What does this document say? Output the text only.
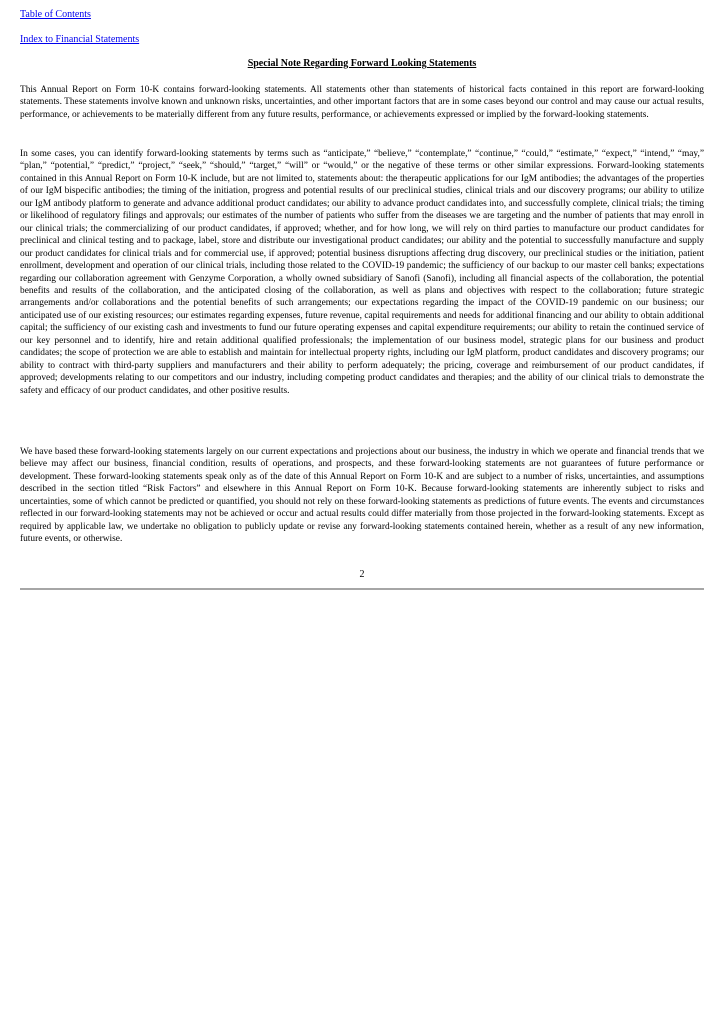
Table of Contents
Index to Financial Statements
Special Note Regarding Forward Looking Statements

This Annual Report on Form 10-K contains forward-looking statements. All statements other than statements of historical facts contained in this report are forward-looking statements. These statements involve known and unknown risks, uncertainties, and other important factors that are in some cases beyond our control and may cause our actual results, performance, or achievements to be materially different from any future results, performance, or achievements expressed or implied by the forward-looking statements.

In some cases, you can identify forward-looking statements by terms such as “anticipate,” “believe,” “contemplate,” “continue,” “could,” “estimate,” “expect,” “intend,” “may,” “plan,” “potential,” “predict,” “project,” “seek,” “should,” “target,” “will” or “would,” or the negative of these terms or other similar expressions. Forward-looking statements contained in this Annual Report on Form 10-K include, but are not limited to, statements about: the therapeutic applications for our IgM antibodies; the advantages of the properties of our IgM bispecific antibodies; the timing of the initiation, progress and potential results of our preclinical studies, clinical trials and our discovery programs; our ability to utilize our IgM antibody platform to generate and advance additional product candidates; our ability to advance product candidates into, and successfully complete, clinical trials; the timing or likelihood of regulatory filings and approvals; our estimates of the number of patients who suffer from the diseases we are targeting and the number of patients that may enroll in our clinical trials; the commercializing of our product candidates, if approved; whether, and for how long, we will rely on third parties to manufacture our product candidates for preclinical and clinical testing and to package, label, store and distribute our investigational product candidates; our ability and the potential to successfully manufacture and supply our product candidates for clinical trials and for commercial use, if approved; potential business disruptions affecting drug discovery, our preclinical studies or the initiation, patient enrollment, development and operation of our clinical trials, including those related to the COVID-19 pandemic; the sufficiency of our backup to our master cell banks; expectations regarding our collaboration agreement with Genzyme Corporation, a wholly owned subsidiary of Sanofi (Sanofi), including all financial aspects of the collaboration, the potential benefits and results of the collaboration, and the anticipated closing of the collaboration, as well as plans and objectives with respect to the collaboration; future strategic arrangements and/or collaborations and the potential benefits of such arrangements; our expectations regarding the impact of the COVID-19 pandemic on our business; our anticipated use of our existing resources; our estimates regarding expenses, future revenue, capital requirements and needs for additional financing and our ability to obtain additional capital; the sufficiency of our existing cash and investments to fund our future operating expenses and capital expenditure requirements; our ability to retain the continued service of our key personnel and to identify, hire and retain additional qualified professionals; the implementation of our business model, strategic plans for our business and product candidates; the scope of protection we are able to establish and maintain for intellectual property rights, including our IgM platform, product candidates and discovery programs; our ability to contract with third-party suppliers and manufacturers and their ability to perform adequately; the pricing, coverage and reimbursement of our product candidates, if approved; developments relating to our competitors and our industry, including competing product candidates and therapies; and the ability of our clinical trials to demonstrate the safety and efficacy of our product candidates, and other positive results.

We have based these forward-looking statements largely on our current expectations and projections about our business, the industry in which we operate and financial trends that we believe may affect our business, financial condition, results of operations, and prospects, and these forward-looking statements are not guarantees of future performance or development. These forward-looking statements speak only as of the date of this Annual Report on Form 10-K and are subject to a number of risks, uncertainties, and assumptions described in the section titled “Risk Factors” and elsewhere in this Annual Report on Form 10-K. Because forward-looking statements are inherently subject to risks and uncertainties, some of which cannot be predicted or quantified, you should not rely on these forward-looking statements as predictions of future events. The events and circumstances reflected in our forward-looking statements may not be achieved or occur and actual results could differ materially from those projected in the forward-looking statements. Except as required by applicable law, we undertake no obligation to publicly update or revise any forward-looking statements contained herein, whether as a result of any new information, future events, or otherwise.

2
